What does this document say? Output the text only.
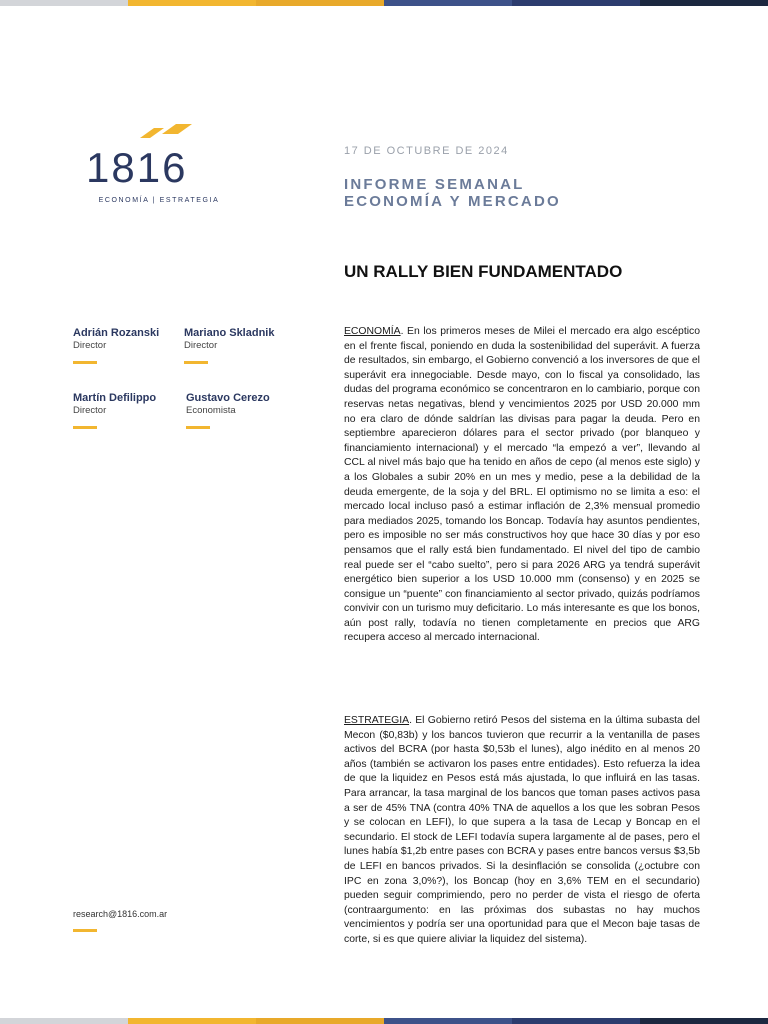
1816
ECONOMÍA | ESTRATEGIA
17 DE OCTUBRE DE 2024
INFORME SEMANAL
ECONOMÍA Y MERCADO
UN RALLY BIEN FUNDAMENTADO
Adrián Rozanski
Director
Mariano Skladnik
Director
Martín Defilippo
Director
Gustavo Cerezo
Economista
research@1816.com.ar
ECONOMÍA. En los primeros meses de Milei el mercado era algo escéptico en el frente fiscal, poniendo en duda la sostenibilidad del superávit. A fuerza de resultados, sin embargo, el Gobierno convenció a los inversores de que el superávit era innegociable. Desde mayo, con lo fiscal ya consolidado, las dudas del programa económico se concentraron en lo cambiario, porque con reservas netas negativas, blend y vencimientos 2025 por USD 20.000 mm no era claro de dónde saldrían las divisas para pagar la deuda. Pero en septiembre aparecieron dólares para el sector privado (por blanqueo y financiamiento internacional) y el mercado “la empezó a ver”, llevando al CCL al nivel más bajo que ha tenido en años de cepo (al menos este siglo) y a los Globales a subir 20% en un mes y medio, pese a la debilidad de la deuda emergente, de la soja y del BRL. El optimismo no se limita a eso: el mercado local incluso pasó a estimar inflación de 2,3% mensual promedio para mediados 2025, tomando los Boncap. Todavía hay asuntos pendientes, pero es imposible no ser más constructivos hoy que hace 30 días y por eso pensamos que el rally está bien fundamentado. El nivel del tipo de cambio real puede ser el “cabo suelto”, pero si para 2026 ARG ya tendrá superávit energético bien superior a los USD 10.000 mm (consenso) y en 2025 se consigue un “puente” con financiamiento al sector privado, quizás podríamos convivir con un turismo muy deficitario. Lo más interesante es que los bonos, aún post rally, todavía no tienen completamente en precios que ARG recupera acceso al mercado internacional.
ESTRATEGIA. El Gobierno retiró Pesos del sistema en la última subasta del Mecon ($0,83b) y los bancos tuvieron que recurrir a la ventanilla de pases activos del BCRA (por hasta $0,53b el lunes), algo inédito en al menos 20 años (también se activaron los pases entre entidades). Esto refuerza la idea de que la liquidez en Pesos está más ajustada, lo que influirá en las tasas. Para arrancar, la tasa marginal de los bancos que toman pases activos pasa a ser de 45% TNA (contra 40% TNA de aquellos a los que les sobran Pesos y se colocan en LEFI), lo que supera a la tasa de Lecap y Boncap en el secundario. El stock de LEFI todavía supera largamente al de pases, pero el lunes había $1,2b entre pases con BCRA y pases entre bancos versus $3,5b de LEFI en bancos privados. Si la desinflación se consolida (¿octubre con IPC en zona 3,0%?), los Boncap (hoy en 3,6% TEM en el secundario) pueden seguir comprimiendo, pero no perder de vista el riesgo de oferta (contraargumento: en las próximas dos subastas no hay muchos vencimientos y podría ser una oportunidad para que el Mecon baje tasas de corte, si es que quiere aliviar la liquidez del sistema).
